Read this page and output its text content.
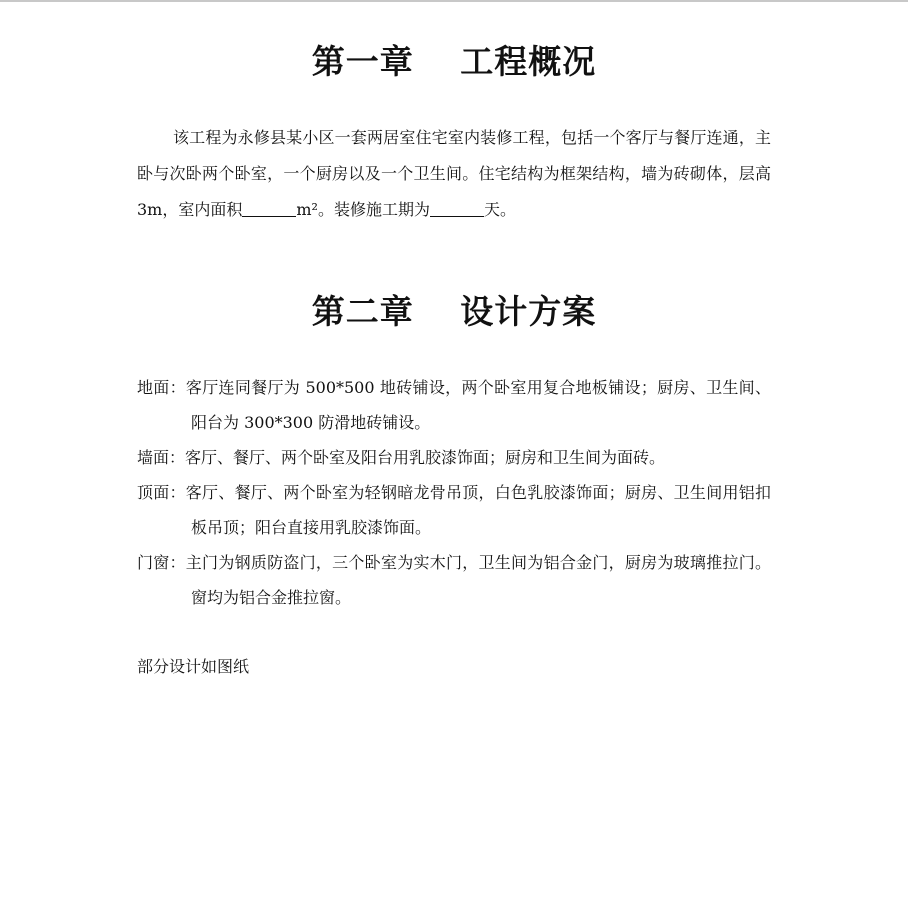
第一章　 工程概况

该工程为永修县某小区一套两居室住宅室内装修工程，包括一个客厅与餐厅连通，主卧与次卧两个卧室，一个厨房以及一个卫生间。住宅结构为框架结构，墙为砖砌体，层高 3m，室内面积	m²。装修施工期为	天。

第二章　 设计方案
地面：客厅连同餐厅为 500*500 地砖铺设，两个卧室用复合地板铺设；厨房、卫生间、阳台为 300*300 防滑地砖铺设。
墙面：客厅、餐厅、两个卧室及阳台用乳胶漆饰面；厨房和卫生间为面砖。
顶面：客厅、餐厅、两个卧室为轻钢暗龙骨吊顶，白色乳胶漆饰面；厨房、卫生间用铝扣板吊顶；阳台直接用乳胶漆饰面。
门窗：主门为钢质防盗门，三个卧室为实木门，卫生间为铝合金门，厨房为玻璃推拉门。窗均为铝合金推拉窗。

部分设计如图纸
